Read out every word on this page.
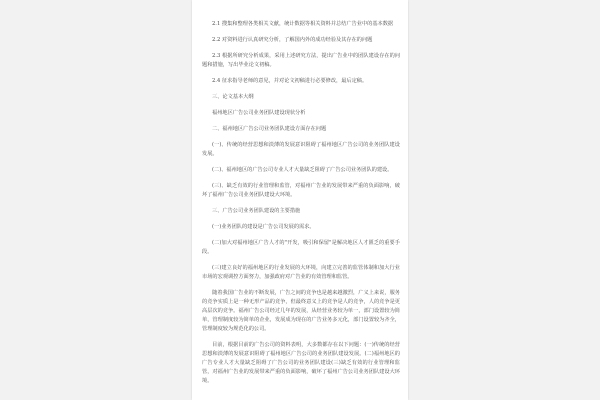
2.1 搜集和整理各类相关文献，统计数据等相关资料并总结广告业中的基本数据

2.2 对资料进行认真研究分析，了解国内外的成功经验及其存在的问题

2.3 根据所研究分析成果，采用上述研究方法，提出广告业中的团队建设存在的问题和措施，写出毕业论文初稿。

2.4 征求指导老师的意见，并对论文初稿进行必要修改，最后定稿。

三、论文基本大纲

福州地区广告公司业务团队建设现状分析

二、福州地区广告公司业务团队建设方面存在问题

(一)、传统的经营思想和淡薄的发展意识阻碍了福州地区广告公司的业务团队建设发展。

(二)、福州地区的广告公司专业人才大量缺乏阻碍了广告公司业务团队的建设。

(三)、缺乏有效的行业管理和监管，对福州广告业的发展带来严重的负面影响，破坏了福州广告公司业务团队建设大环境。

三、广告公司业务团队建设的主要措施

(一)业务团队的建设是广告公司发展的需求。

(二)加大对福州地区广告人才的"开发，吸引和保留"是解决地区人才匮乏的重要手段。

(三)建立良好的福州地区的行业发展的大环境，向建立完善的监管体制和加大行业市场的宏观调控方面努力，加强政府对广告业的有效管理和监管。

随着我国广告业的不断发展，广告之间的竞争也是越来越激烈，广义上来说，服务的竞争实质上是一种无形产品的竞争，但最终意义上的竞争是人的竞争，人的竞争是更高层次的竞争。福州广告公司经过几年的发展，从经营业务较为单一，部门设置较为简单，管理制度较为简单的企业，发展成为现在的广告业务多元化，部门设置较为齐全，管理制度较为规范化的公司。

目前，根据目前的广告公司的资料表明，大多数都存在以下问题：(一)传统的经营思想和淡薄的发展意识阻碍了福州地区广告公司的业务团队建设发展。(二)福州地区的广告专业人才大量缺乏阻碍了广告公司的业务团队建设(三)缺乏有效的行业管理和监管，对福州广告业的发展带来严重的负面影响，破坏了福州广告公司业务团队建设大环境。
